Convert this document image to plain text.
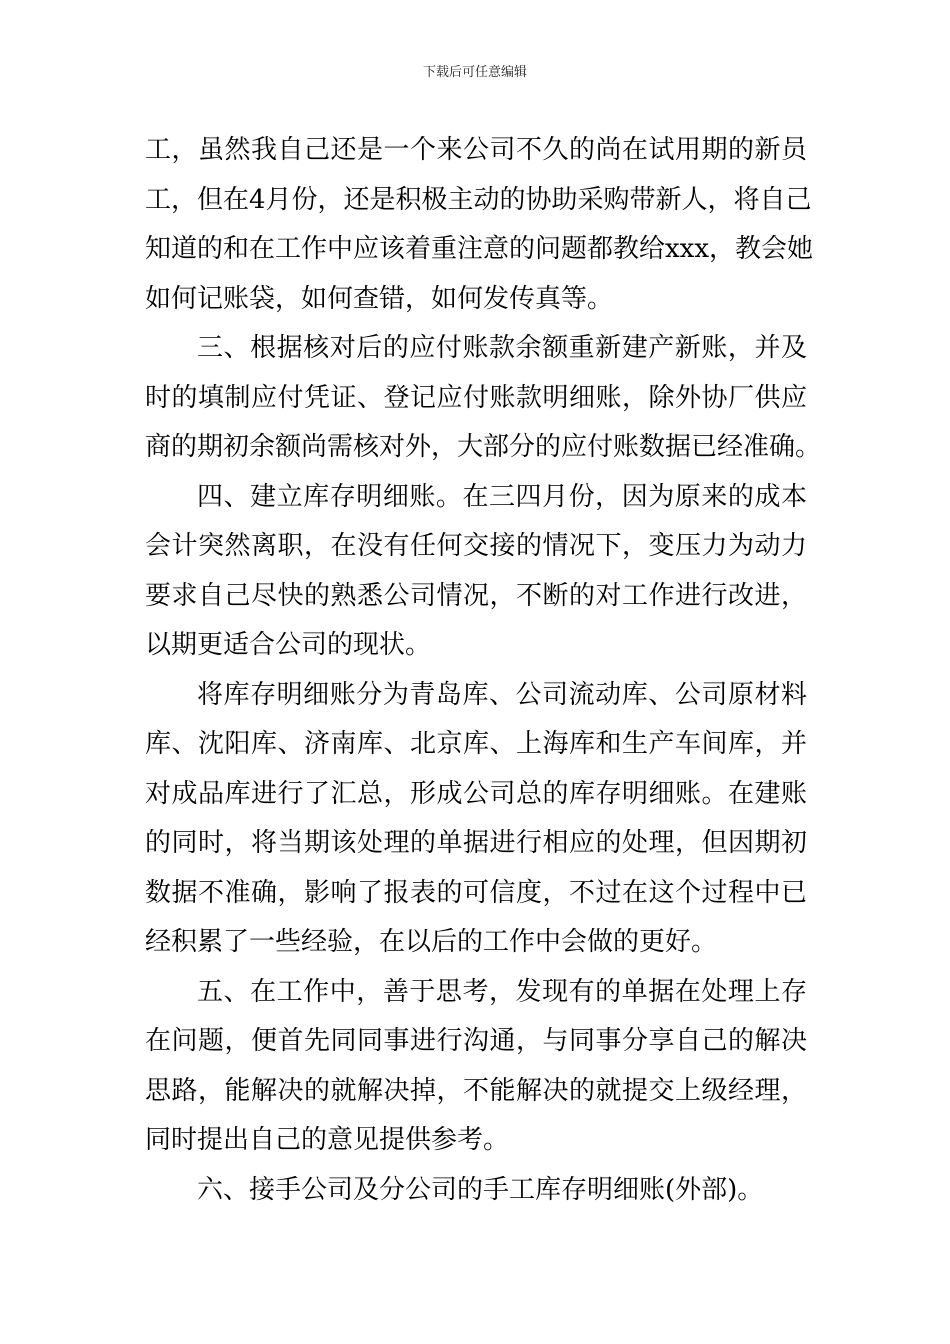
下载后可任意编辑
工，虽然我自己还是一个来公司不久的尚在试用期的新员
工，但在4月份，还是积极主动的协助采购带新人，将自己
知道的和在工作中应该着重注意的问题都教给xxx，教会她
如何记账袋，如何查错，如何发传真等。
三、根据核对后的应付账款余额重新建产新账，并及
时的填制应付凭证、登记应付账款明细账，除外协厂供应
商的期初余额尚需核对外，大部分的应付账数据已经准确。
四、建立库存明细账。在三四月份，因为原来的成本
会计突然离职，在没有任何交接的情况下，变压力为动力
要求自己尽快的熟悉公司情况，不断的对工作进行改进，
以期更适合公司的现状。
将库存明细账分为青岛库、公司流动库、公司原材料
库、沈阳库、济南库、北京库、上海库和生产车间库，并
对成品库进行了汇总，形成公司总的库存明细账。在建账
的同时，将当期该处理的单据进行相应的处理，但因期初
数据不准确，影响了报表的可信度，不过在这个过程中已
经积累了一些经验，在以后的工作中会做的更好。
五、在工作中，善于思考，发现有的单据在处理上存
在问题，便首先同同事进行沟通，与同事分享自己的解决
思路，能解决的就解决掉，不能解决的就提交上级经理，
同时提出自己的意见提供参考。
六、接手公司及分公司的手工库存明细账(外部)。
